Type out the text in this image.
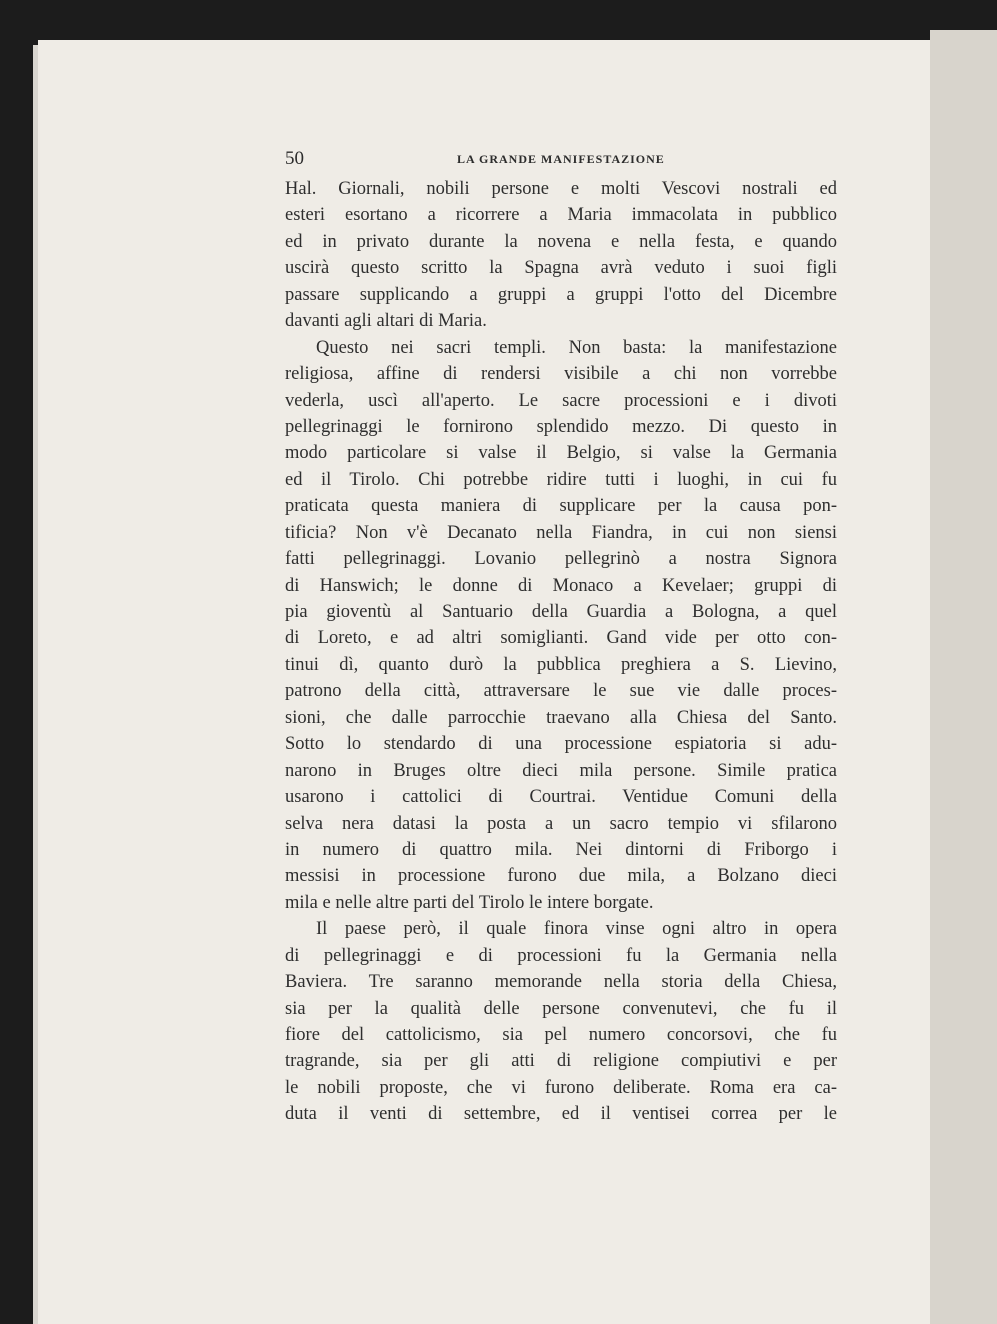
50	LA GRANDE MANIFESTAZIONE
Hal. Giornali, nobili persone e molti Vescovi nostrali ed
esteri esortano a ricorrere a Maria immacolata in pubblico
ed in privato durante la novena e nella festa, e quando
uscirà questo scritto la Spagna avrà veduto i suoi figli
passare supplicando a gruppi a gruppi l'otto del Dicembre
davanti agli altari di Maria.
Questo nei sacri templi. Non basta: la manifestazione
religiosa, affine di rendersi visibile a chi non vorrebbe
vederla, uscì all'aperto. Le sacre processioni e i divoti
pellegrinaggi le fornirono splendido mezzo. Di questo in
modo particolare si valse il Belgio, si valse la Germania
ed il Tirolo. Chi potrebbe ridire tutti i luoghi, in cui fu
praticata questa maniera di supplicare per la causa pon-
tificia? Non v'è Decanato nella Fiandra, in cui non siensi
fatti pellegrinaggi. Lovanio pellegrinò a nostra Signora
di Hanswich; le donne di Monaco a Kevelaer; gruppi di
pia gioventù al Santuario della Guardia a Bologna, a quel
di Loreto, e ad altri somiglianti. Gand vide per otto con-
tinui dì, quanto durò la pubblica preghiera a S. Lievino,
patrono della città, attraversare le sue vie dalle proces-
sioni, che dalle parrocchie traevano alla Chiesa del Santo.
Sotto lo stendardo di una processione espiatoria si adu-
narono in Bruges oltre dieci mila persone. Simile pratica
usarono i cattolici di Courtrai. Ventidue Comuni della
selva nera datasi la posta a un sacro tempio vi sfilarono
in numero di quattro mila. Nei dintorni di Friborgo i
messisi in processione furono due mila, a Bolzano dieci
mila e nelle altre parti del Tirolo le intere borgate.
Il paese però, il quale finora vinse ogni altro in opera
di pellegrinaggi e di processioni fu la Germania nella
Baviera. Tre saranno memorande nella storia della Chiesa,
sia per la qualità delle persone convenutevi, che fu il
fiore del cattolicismo, sia pel numero concorsovi, che fu
tragrande, sia per gli atti di religione compiutivi e per
le nobili proposte, che vi furono deliberate. Roma era ca-
duta il venti di settembre, ed il ventisei correa per le
